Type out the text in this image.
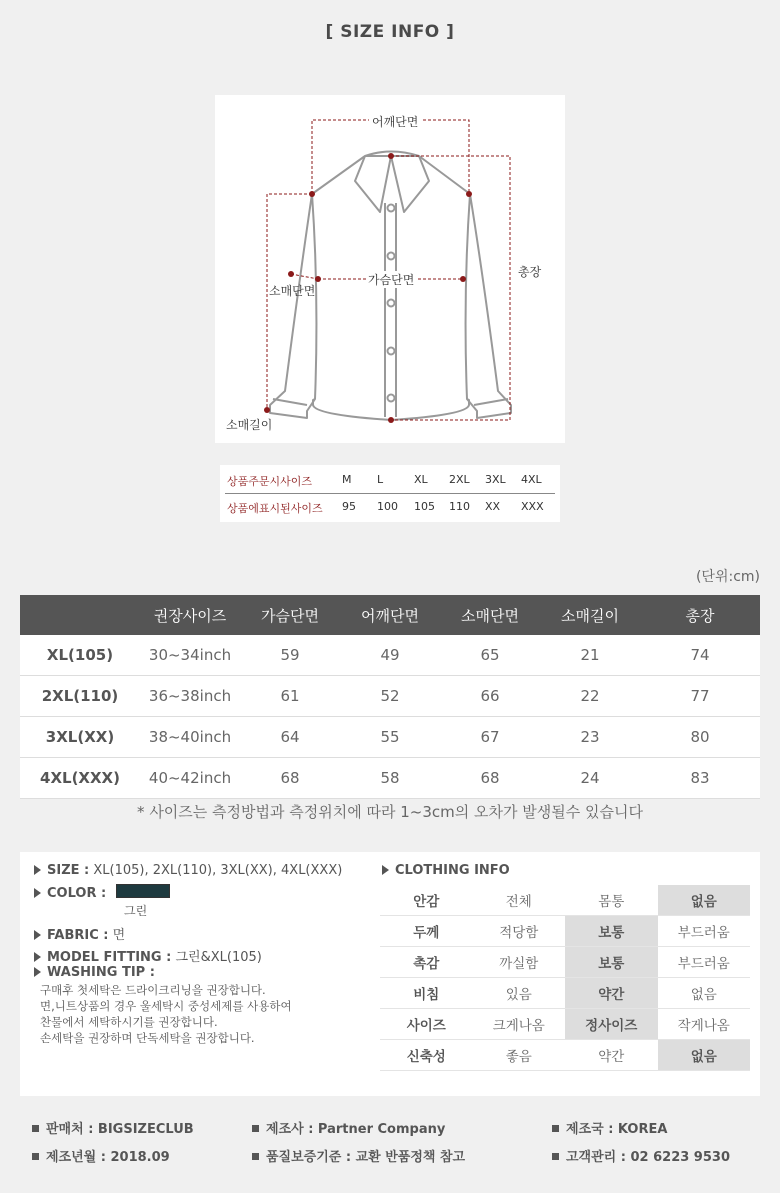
[ SIZE INFO ]
어깨단면
가슴단면
소매단면
총장
소매길이
상품주문시사이즈	M L	XL 2XL 3XL 4XL
상품에표시된사이즈 95 100 105 110 XX XXX
(단위:cm)
	권장사이즈	가슴단면	어깨단면	소매단면	소매길이	총장
XL(105)	30~34inch	59	49	65	21	74
2XL(110)	36~38inch	61	52	66	22	77
3XL(XX)	38~40inch	64	55	67	23	80
4XL(XXX)	40~42inch	68	58	68	24	83
* 사이즈는 측정방법과 측정위치에 따라 1~3cm의 오차가 발생될수 있습니다
SIZE : XL(105), 2XL(110), 3XL(XX), 4XL(XXX)
COLOR :
그린
FABRIC : 면
MODEL FITTING : 그린&XL(105)
WASHING TIP :
구매후 첫세탁은 드라이크리닝을 권장합니다.
면,니트상품의 경우 울세탁시 중성세제를 사용하여
찬물에서 세탁하시기를 권장합니다.
손세탁을 권장하며 단독세탁을 권장합니다.
CLOTHING INFO
안감	전체	몸통	없음
두께	적당함	보통	부드러움
촉감	까실함	보통	부드러움
비침	있음	약간	없음
사이즈	크게나옴	정사이즈	작게나옴
신축성	좋음	약간	없음
판매처 : BIGSIZECLUB	제조사 : Partner Company	제조국 : KOREA
제조년월 : 2018.09	품질보증기준 : 교환 반품정책 참고	고객관리 : 02 6223 9530
